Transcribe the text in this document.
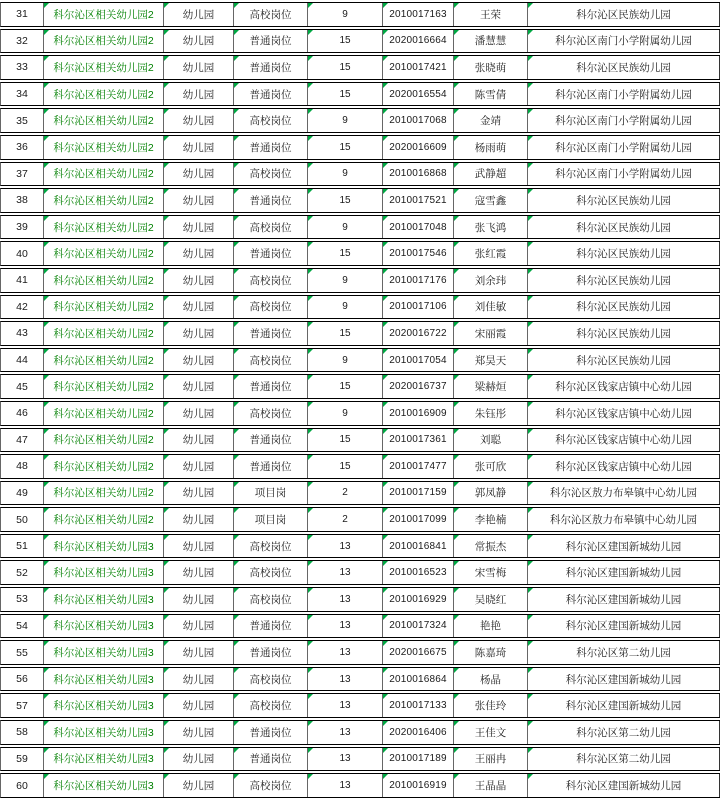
31 科尔沁区相关幼儿园2	幼儿园	高校岗位	9	2010017163	王荣	科尔沁区民族幼儿园
32 科尔沁区相关幼儿园2	幼儿园	普通岗位	15	2020016664	潘慧慧	科尔沁区南门小学附属幼儿园
33 科尔沁区相关幼儿园2	幼儿园	普通岗位	15	2010017421	张晓萌	科尔沁区民族幼儿园
34 科尔沁区相关幼儿园2	幼儿园	普通岗位	15	2020016554	陈雪倩	科尔沁区南门小学附属幼儿园
35 科尔沁区相关幼儿园2	幼儿园	高校岗位	9	2010017068	金靖	科尔沁区南门小学附属幼儿园
36 科尔沁区相关幼儿园2	幼儿园	普通岗位	15	2020016609	杨雨萌	科尔沁区南门小学附属幼儿园
37 科尔沁区相关幼儿园2	幼儿园	高校岗位	9	2010016868	武静超	科尔沁区南门小学附属幼儿园
38 科尔沁区相关幼儿园2	幼儿园	普通岗位	15	2010017521	寇雪鑫	科尔沁区民族幼儿园
39 科尔沁区相关幼儿园2	幼儿园	高校岗位	9	2010017048	张飞鸿	科尔沁区民族幼儿园
40 科尔沁区相关幼儿园2	幼儿园	普通岗位	15	2010017546	张红霞	科尔沁区民族幼儿园
41 科尔沁区相关幼儿园2	幼儿园	高校岗位	9	2010017176	刘余玮	科尔沁区民族幼儿园
42 科尔沁区相关幼儿园2	幼儿园	高校岗位	9	2010017106	刘佳敏	科尔沁区民族幼儿园
43 科尔沁区相关幼儿园2	幼儿园	普通岗位	15	2020016722	宋丽霞	科尔沁区民族幼儿园
44 科尔沁区相关幼儿园2	幼儿园	高校岗位	9	2010017054	郑昊天	科尔沁区民族幼儿园
45 科尔沁区相关幼儿园2	幼儿园	普通岗位	15	2020016737	梁赫烜	科尔沁区钱家店镇中心幼儿园
46 科尔沁区相关幼儿园2	幼儿园	高校岗位	9	2010016909	朱钰彤	科尔沁区钱家店镇中心幼儿园
47 科尔沁区相关幼儿园2	幼儿园	普通岗位	15	2010017361	刘聪	科尔沁区钱家店镇中心幼儿园
48 科尔沁区相关幼儿园2	幼儿园	普通岗位	15	2010017477	张可欣	科尔沁区钱家店镇中心幼儿园
49 科尔沁区相关幼儿园2	幼儿园	项目岗	2	2010017159	郭凤静	科尔沁区敖力布皋镇中心幼儿园
50 科尔沁区相关幼儿园2	幼儿园	项目岗	2	2010017099	李艳楠	科尔沁区敖力布皋镇中心幼儿园
51 科尔沁区相关幼儿园3	幼儿园	高校岗位	13	2010016841	常振杰	科尔沁区建国新城幼儿园
52 科尔沁区相关幼儿园3	幼儿园	高校岗位	13	2010016523	宋雪梅	科尔沁区建国新城幼儿园
53 科尔沁区相关幼儿园3	幼儿园	高校岗位	13	2010016929	吴晓红	科尔沁区建国新城幼儿园
54 科尔沁区相关幼儿园3	幼儿园	普通岗位	13	2010017324	艳艳	科尔沁区建国新城幼儿园
55 科尔沁区相关幼儿园3	幼儿园	普通岗位	13	2020016675	陈嘉琦	科尔沁区第二幼儿园
56 科尔沁区相关幼儿园3	幼儿园	高校岗位	13	2010016864	杨晶	科尔沁区建国新城幼儿园
57 科尔沁区相关幼儿园3	幼儿园	高校岗位	13	2010017133	张佳玲	科尔沁区建国新城幼儿园
58 科尔沁区相关幼儿园3	幼儿园	普通岗位	13	2020016406	王佳文	科尔沁区第二幼儿园
59 科尔沁区相关幼儿园3	幼儿园	普通岗位	13	2010017189	王丽冉	科尔沁区第二幼儿园
60 科尔沁区相关幼儿园3	幼儿园	高校岗位	13	2010016919	王晶晶	科尔沁区建国新城幼儿园
